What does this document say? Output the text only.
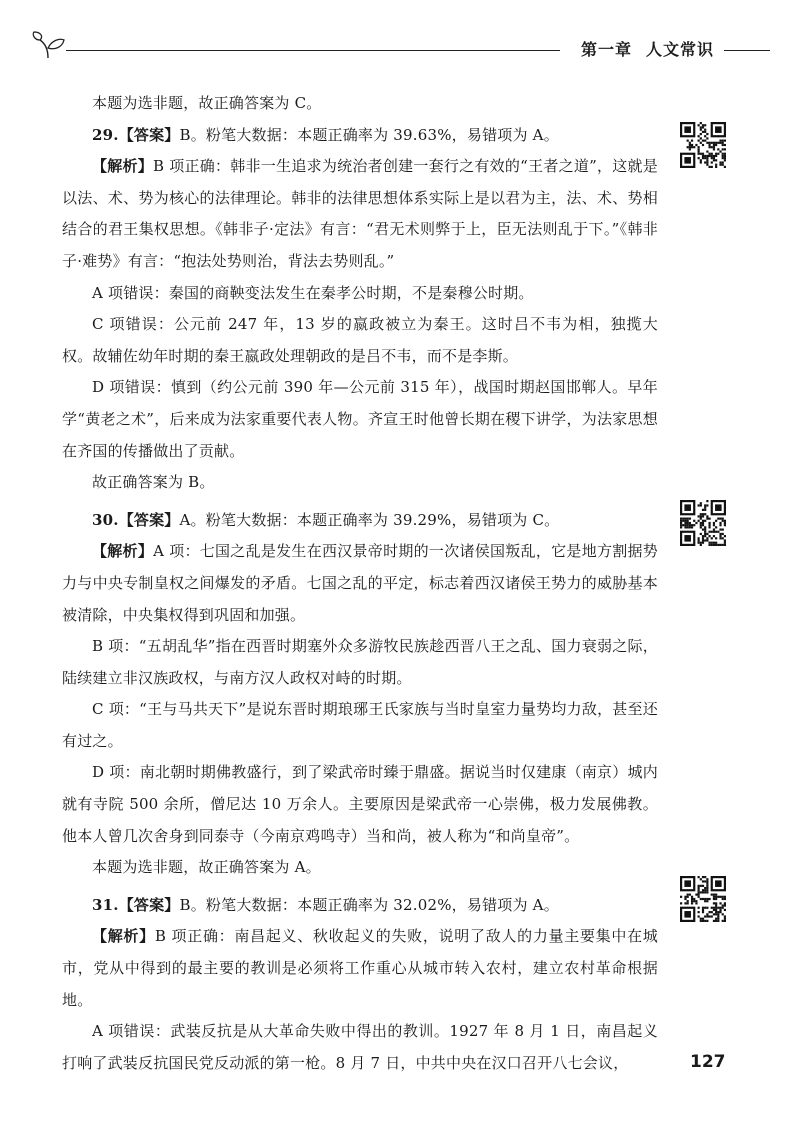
第一章 人文常识

本题为选非题，故正确答案为 C。

29.【答案】B。粉笔大数据：本题正确率为 39.63%，易错项为 A。

【解析】B 项正确：韩非一生追求为统治者创建一套行之有效的“王者之道”，这就是以法、术、势为核心的法律理论。韩非的法律思想体系实际上是以君为主，法、术、势相结合的君王集权思想。《韩非子·定法》有言：“君无术则弊于上，臣无法则乱于下。”《韩非子·难势》有言：“抱法处势则治，背法去势则乱。”

A 项错误：秦国的商鞅变法发生在秦孝公时期，不是秦穆公时期。

C 项错误：公元前 247 年，13 岁的嬴政被立为秦王。这时吕不韦为相，独揽大权。故辅佐幼年时期的秦王嬴政处理朝政的是吕不韦，而不是李斯。

D 项错误：慎到（约公元前 390 年—公元前 315 年），战国时期赵国邯郸人。早年学“黄老之术”，后来成为法家重要代表人物。齐宣王时他曾长期在稷下讲学，为法家思想在齐国的传播做出了贡献。

故正确答案为 B。

30.【答案】A。粉笔大数据：本题正确率为 39.29%，易错项为 C。

【解析】A 项：七国之乱是发生在西汉景帝时期的一次诸侯国叛乱，它是地方割据势力与中央专制皇权之间爆发的矛盾。七国之乱的平定，标志着西汉诸侯王势力的威胁基本被清除，中央集权得到巩固和加强。

B 项：“五胡乱华”指在西晋时期塞外众多游牧民族趁西晋八王之乱、国力衰弱之际，陆续建立非汉族政权，与南方汉人政权对峙的时期。

C 项：“王与马共天下”是说东晋时期琅琊王氏家族与当时皇室力量势均力敌，甚至还有过之。

D 项：南北朝时期佛教盛行，到了梁武帝时臻于鼎盛。据说当时仅建康（南京）城内就有寺院 500 余所，僧尼达 10 万余人。主要原因是梁武帝一心崇佛，极力发展佛教。他本人曾几次舍身到同泰寺（今南京鸡鸣寺）当和尚，被人称为“和尚皇帝”。

本题为选非题，故正确答案为 A。

31.【答案】B。粉笔大数据：本题正确率为 32.02%，易错项为 A。

【解析】B 项正确：南昌起义、秋收起义的失败，说明了敌人的力量主要集中在城市，党从中得到的最主要的教训是必须将工作重心从城市转入农村，建立农村革命根据地。

A 项错误：武装反抗是从大革命失败中得出的教训。1927 年 8 月 1 日，南昌起义打响了武装反抗国民党反动派的第一枪。8 月 7 日，中共中央在汉口召开八七会议，	127
